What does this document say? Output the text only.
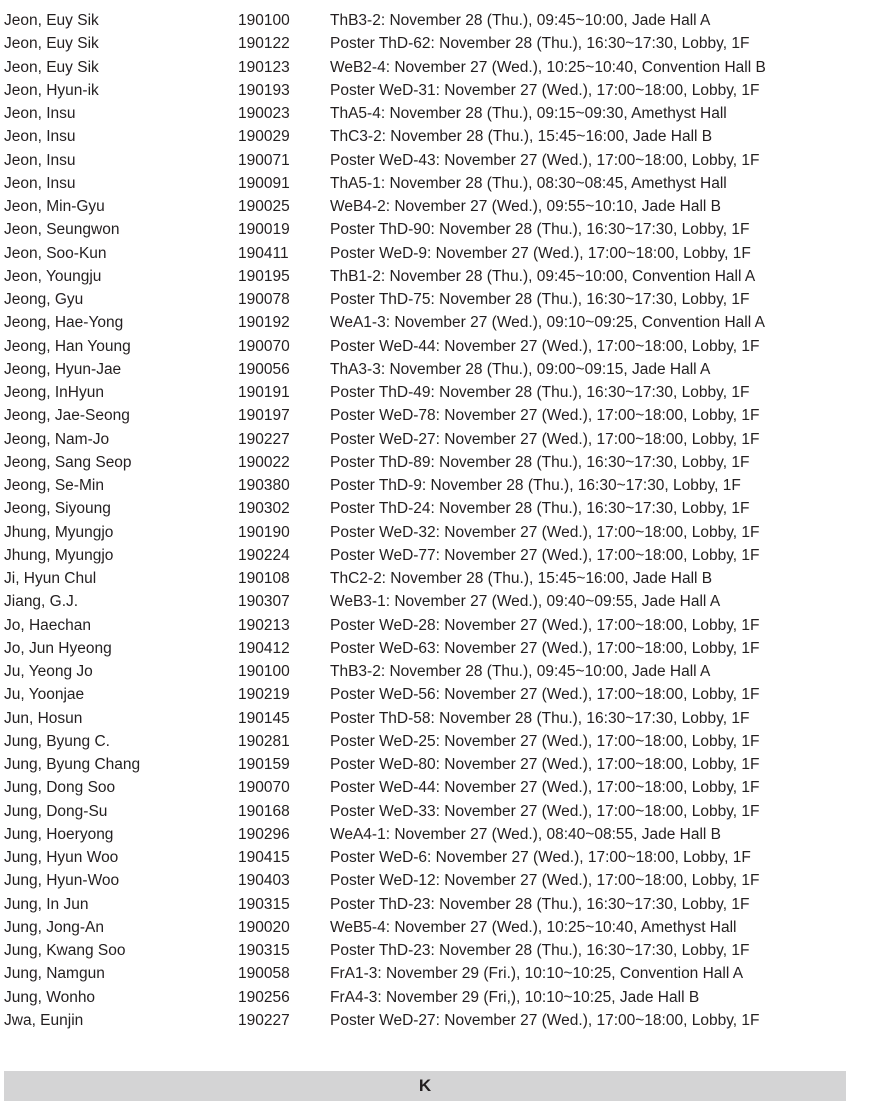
Jeon, Euy Sik	190100	ThB3-2: November 28 (Thu.), 09:45~10:00, Jade Hall A
Jeon, Euy Sik	190122	Poster ThD-62: November 28 (Thu.), 16:30~17:30, Lobby, 1F
Jeon, Euy Sik	190123	WeB2-4: November 27 (Wed.), 10:25~10:40, Convention Hall B
Jeon, Hyun-ik	190193	Poster WeD-31: November 27 (Wed.), 17:00~18:00, Lobby, 1F
Jeon, Insu	190023	ThA5-4: November 28 (Thu.), 09:15~09:30, Amethyst Hall
Jeon, Insu	190029	ThC3-2: November 28 (Thu.), 15:45~16:00, Jade Hall B
Jeon, Insu	190071	Poster WeD-43: November 27 (Wed.), 17:00~18:00, Lobby, 1F
Jeon, Insu	190091	ThA5-1: November 28 (Thu.), 08:30~08:45, Amethyst Hall
Jeon, Min-Gyu	190025	WeB4-2: November 27 (Wed.), 09:55~10:10, Jade Hall B
Jeon, Seungwon	190019	Poster ThD-90: November 28 (Thu.), 16:30~17:30, Lobby, 1F
Jeon, Soo-Kun	190411	Poster WeD-9: November 27 (Wed.), 17:00~18:00, Lobby, 1F
Jeon, Youngju	190195	ThB1-2: November 28 (Thu.), 09:45~10:00, Convention Hall A
Jeong, Gyu	190078	Poster ThD-75: November 28 (Thu.), 16:30~17:30, Lobby, 1F
Jeong, Hae-Yong	190192	WeA1-3: November 27 (Wed.), 09:10~09:25, Convention Hall A
Jeong, Han Young	190070	Poster WeD-44: November 27 (Wed.), 17:00~18:00, Lobby, 1F
Jeong, Hyun-Jae	190056	ThA3-3: November 28 (Thu.), 09:00~09:15, Jade Hall A
Jeong, InHyun	190191	Poster ThD-49: November 28 (Thu.), 16:30~17:30, Lobby, 1F
Jeong, Jae-Seong	190197	Poster WeD-78: November 27 (Wed.), 17:00~18:00, Lobby, 1F
Jeong, Nam-Jo	190227	Poster WeD-27: November 27 (Wed.), 17:00~18:00, Lobby, 1F
Jeong, Sang Seop	190022	Poster ThD-89: November 28 (Thu.), 16:30~17:30, Lobby, 1F
Jeong, Se-Min	190380	Poster ThD-9: November 28 (Thu.), 16:30~17:30, Lobby, 1F
Jeong, Siyoung	190302	Poster ThD-24: November 28 (Thu.), 16:30~17:30, Lobby, 1F
Jhung, Myungjo	190190	Poster WeD-32: November 27 (Wed.), 17:00~18:00, Lobby, 1F
Jhung, Myungjo	190224	Poster WeD-77: November 27 (Wed.), 17:00~18:00, Lobby, 1F
Ji, Hyun Chul	190108	ThC2-2: November 28 (Thu.), 15:45~16:00, Jade Hall B
Jiang, G.J.	190307	WeB3-1: November 27 (Wed.), 09:40~09:55, Jade Hall A
Jo, Haechan	190213	Poster WeD-28: November 27 (Wed.), 17:00~18:00, Lobby, 1F
Jo, Jun Hyeong	190412	Poster WeD-63: November 27 (Wed.), 17:00~18:00, Lobby, 1F
Ju, Yeong Jo	190100	ThB3-2: November 28 (Thu.), 09:45~10:00, Jade Hall A
Ju, Yoonjae	190219	Poster WeD-56: November 27 (Wed.), 17:00~18:00, Lobby, 1F
Jun, Hosun	190145	Poster ThD-58: November 28 (Thu.), 16:30~17:30, Lobby, 1F
Jung, Byung C.	190281	Poster WeD-25: November 27 (Wed.), 17:00~18:00, Lobby, 1F
Jung, Byung Chang	190159	Poster WeD-80: November 27 (Wed.), 17:00~18:00, Lobby, 1F
Jung, Dong Soo	190070	Poster WeD-44: November 27 (Wed.), 17:00~18:00, Lobby, 1F
Jung, Dong-Su	190168	Poster WeD-33: November 27 (Wed.), 17:00~18:00, Lobby, 1F
Jung, Hoeryong	190296	WeA4-1: November 27 (Wed.), 08:40~08:55, Jade Hall B
Jung, Hyun Woo	190415	Poster WeD-6: November 27 (Wed.), 17:00~18:00, Lobby, 1F
Jung, Hyun-Woo	190403	Poster WeD-12: November 27 (Wed.), 17:00~18:00, Lobby, 1F
Jung, In Jun	190315	Poster ThD-23: November 28 (Thu.), 16:30~17:30, Lobby, 1F
Jung, Jong-An	190020	WeB5-4: November 27 (Wed.), 10:25~10:40, Amethyst Hall
Jung, Kwang Soo	190315	Poster ThD-23: November 28 (Thu.), 16:30~17:30, Lobby, 1F
Jung, Namgun	190058	FrA1-3: November 29 (Fri.), 10:10~10:25, Convention Hall A
Jung, Wonho	190256	FrA4-3: November 29 (Fri,), 10:10~10:25, Jade Hall B
Jwa, Eunjin	190227	Poster WeD-27: November 27 (Wed.), 17:00~18:00, Lobby, 1F
K
